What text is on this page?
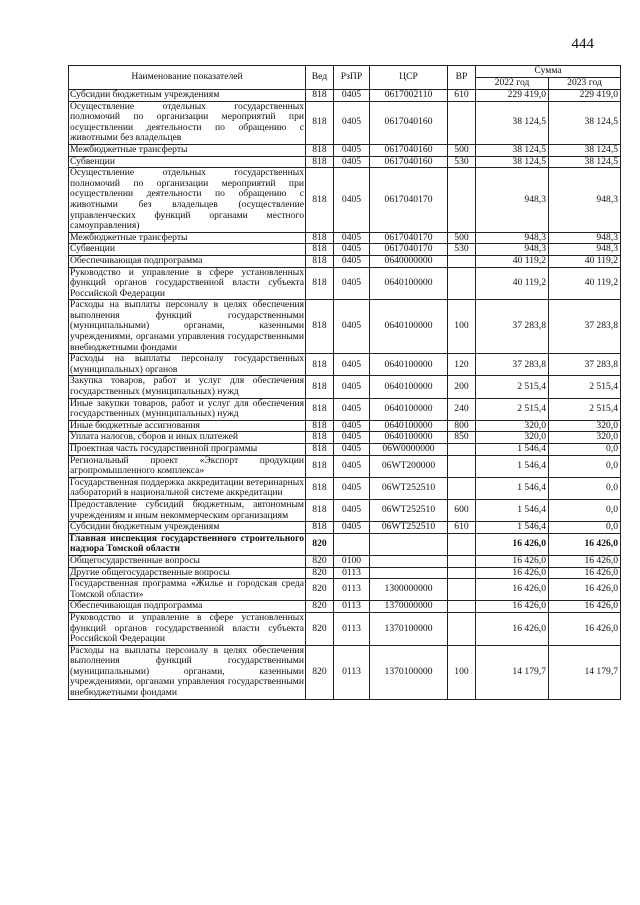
444
Наименование показателей	Вед	РзПР	ЦСР	ВР	Сумма	
					2022 год	2023 год
Субсидии бюджетным учреждениям	818	0405	0617002110	610	229 419,0	229 419,0
Осуществление отдельных государственных полномочий по организации мероприятий при осуществлении деятельности по обращению с животными без владельцев	818	0405	0617040160		38 124,5	38 124,5
Межбюджетные трансферты	818	0405	0617040160	500	38 124,5	38 124,5
Субвенции	818	0405	0617040160	530	38 124,5	38 124,5
Осуществление отдельных государственных полномочий по организации мероприятий при осуществлении деятельности по обращению с животными без владельцев (осуществление управленческих функций органами местного самоуправления)	818	0405	0617040170		948,3	948,3
Межбюджетные трансферты	818	0405	0617040170	500	948,3	948,3
Субвенции	818	0405	0617040170	530	948,3	948,3
Обеспечивающая подпрограмма	818	0405	0640000000		40 119,2	40 119,2
Руководство и управление в сфере установленных функций органов государственной власти субъекта Российской Федерации	818	0405	0640100000		40 119,2	40 119,2
Расходы на выплаты персоналу в целях обеспечения выполнения функций государственными (муниципальными) органами, казенными учреждениями, органами управления государственными внебюджетными фондами	818	0405	0640100000	100	37 283,8	37 283,8
Расходы на выплаты персоналу государственных (муниципальных) органов	818	0405	0640100000	120	37 283,8	37 283,8
Закупка товаров, работ и услуг для обеспечения государственных (муниципальных) нужд	818	0405	0640100000	200	2 515,4	2 515,4
Иные закупки товаров, работ и услуг для обеспечения государственных (муниципальных) нужд	818	0405	0640100000	240	2 515,4	2 515,4
Иные бюджетные ассигнования	818	0405	0640100000	800	320,0	320,0
Уплата налогов, сборов и иных платежей	818	0405	0640100000	850	320,0	320,0
Проектная часть государственной программы	818	0405	06W0000000		1 546,4	0,0
Региональный проект «Экспорт продукции агропромышленного комплекса»	818	0405	06WT200000		1 546,4	0,0
Государственная поддержка аккредитации ветеринарных лабораторий в национальной системе аккредитации	818	0405	06WT252510		1 546,4	0,0
Предоставление субсидий бюджетным, автономным учреждениям и иным некоммерческим организациям	818	0405	06WT252510	600	1 546,4	0,0
Субсидии бюджетным учреждениям	818	0405	06WT252510	610	1 546,4	0,0
Главная инспекция государственного строительного надзора Томской области	820				16 426,0	16 426,0
Общегосударственные вопросы	820	0100			16 426,0	16 426,0
Другие общегосударственные вопросы	820	0113			16 426,0	16 426,0
Государственная программа «Жилье и городская среда Томской области»	820	0113	1300000000		16 426,0	16 426,0
Обеспечивающая подпрограмма	820	0113	1370000000		16 426,0	16 426,0
Руководство и управление в сфере установленных функций органов государственной власти субъекта Российской Федерации	820	0113	1370100000		16 426,0	16 426,0
Расходы на выплаты персоналу в целях обеспечения выполнения функций государственными (муниципальными) органами, казенными учреждениями, органами управления государственными внебюджетными фондами	820	0113	1370100000	100	14 179,7	14 179,7
